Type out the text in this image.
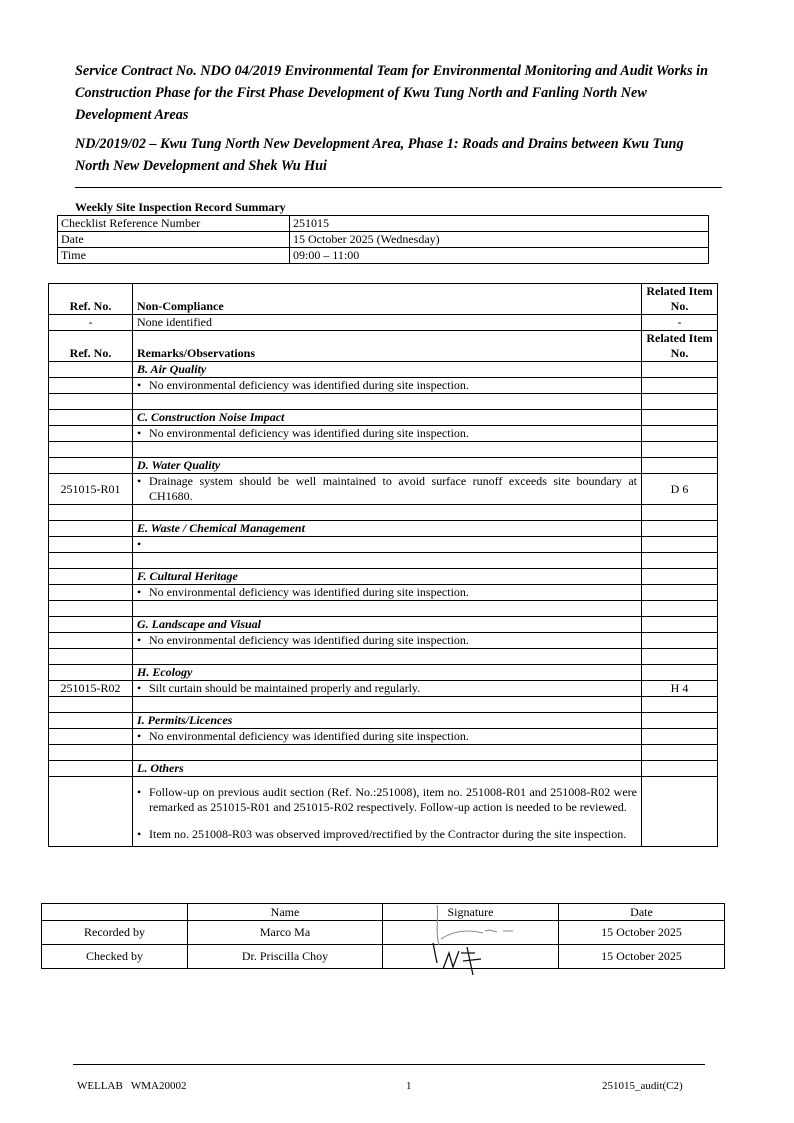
Service Contract No. NDO 04/2019 Environmental Team for Environmental Monitoring and Audit Works in Construction Phase for the First Phase Development of Kwu Tung North and Fanling North New Development Areas

ND/2019/02 – Kwu Tung North New Development Area, Phase 1: Roads and Drains between Kwu Tung North New Development and Shek Wu Hui

Weekly Site Inspection Record Summary
Checklist Reference Number	251015
Date	15 October 2025 (Wednesday)
Time	09:00 – 11:00
Ref. No.	Non-Compliance	Related Item No.
-	None identified	-
Ref. No.	Remarks/Observations	Related Item No.
	B. Air Quality	

	• No environmental deficiency was identified during site inspection.	

	C. Construction Noise Impact	

	• No environmental deficiency was identified during site inspection.	

	D. Water Quality	
251015-R01	• Drainage system should be well maintained to avoid surface runoff exceeds site boundary at CH1680.	D 6

	E. Waste / Chemical Management	

	•	

	F. Cultural Heritage	

	• No environmental deficiency was identified during site inspection.	

	G. Landscape and Visual	

	• No environmental deficiency was identified during site inspection.	

	H. Ecology	
251015-R02	• Silt curtain should be maintained properly and regularly.	H 4

	I. Permits/Licences	

	• No environmental deficiency was identified during site inspection.	

	L. Others	

	• Follow-up on previous audit section (Ref. No.:251008), item no. 251008-R01 and 251008-R02 were remarked as 251015-R01 and 251015-R02 respectively. Follow-up action is needed to be reviewed.
• Item no. 251008-R03 was observed improved/rectified by the Contractor during the site inspection.	

	Name	Signature	Date
Recorded by	Marco Ma		15 October 2025
Checked by	Dr. Priscilla Choy		15 October 2025
WELLAB   WMA20002	1	251015_audit(C2)
